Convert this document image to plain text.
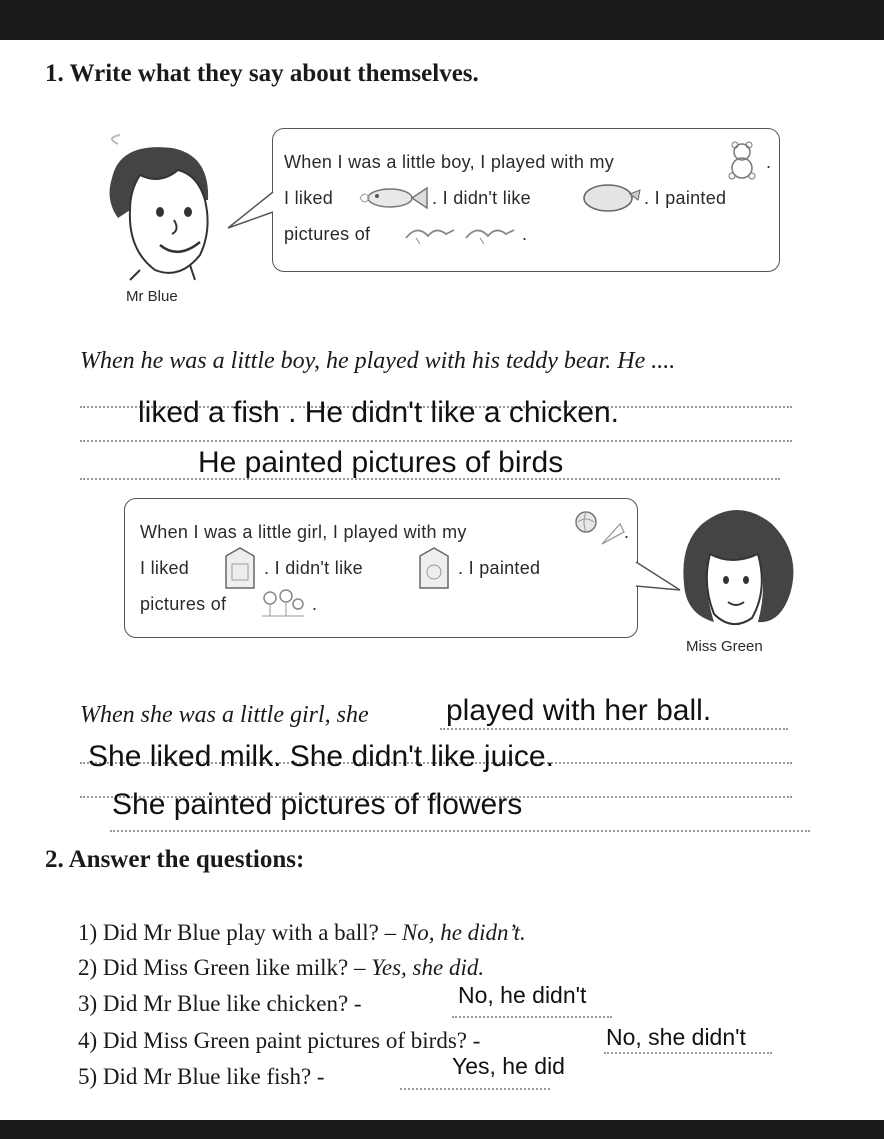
1. Write what they say about themselves.
Mr Blue
When I was a little boy, I played with my	.
I liked	. I didn't like	. I painted
pictures of	.
When he was a little boy, he played with his teddy bear. He ....
liked a fish . He didn't like a chicken.
He painted pictures of birds
When I was a little girl, I played with my	.
I liked	. I didn't like	. I painted
pictures of	.
Miss Green
When she was a little girl, she	played with her ball.
She liked milk. She didn't like juice.
She painted pictures of flowers
2. Answer the questions:
1) Did Mr Blue play with a ball? – No, he didn’t.
2) Did Miss Green like milk? – Yes, she did.
3) Did Mr Blue like chicken? -	No, he didn't
4) Did Miss Green paint pictures of birds? -	No, she didn't
5) Did Mr Blue like fish? -	Yes, he did
